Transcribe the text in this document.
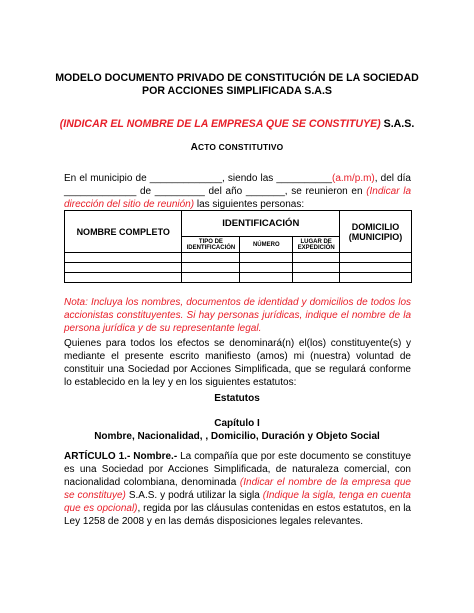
MODELO DOCUMENTO PRIVADO DE CONSTITUCIÓN DE LA SOCIEDAD
POR ACCIONES SIMPLIFICADA S.A.S
(INDICAR EL NOMBRE DE LA EMPRESA QUE SE CONSTITUYE) S.A.S.
ACTO CONSTITUTIVO
En el municipio de _____________, siendo las __________(a.m/p.m), del día _____________ de _________ del año _______, se reunieron en (Indicar la dirección del sitio de reunión) las siguientes personas:
NOMBRE COMPLETO	IDENTIFICACIÓN			DOMICILIO (MUNICIPIO)
	TIPO DE IDENTIFICACIÓN	NÚMERO	LUGAR DE EXPEDICIÓN	

Nota: Incluya los nombres, documentos de identidad y domicilios de todos los accionistas constituyentes. Si hay personas jurídicas, indique el nombre de la persona jurídica y de su representante legal.
Quienes para todos los efectos se denominará(n) el(los) constituyente(s) y mediante el presente escrito manifiesto (amos) mi (nuestra) voluntad de constituir una Sociedad por Acciones Simplificada, que se regulará conforme lo establecido en la ley y en los siguientes estatutos:
Estatutos
Capítulo I
Nombre, Nacionalidad, , Domicilio, Duración y Objeto Social
ARTÍCULO 1.- Nombre.- La compañía que por este documento se constituye es una Sociedad por Acciones Simplificada, de naturaleza comercial, con nacionalidad colombiana, denominada (Indicar el nombre de la empresa que se constituye) S.A.S. y podrá utilizar la sigla (Indique la sigla, tenga en cuenta que es opcional), regida por las cláusulas contenidas en estos estatutos, en la Ley 1258 de 2008 y en las demás disposiciones legales relevantes.
